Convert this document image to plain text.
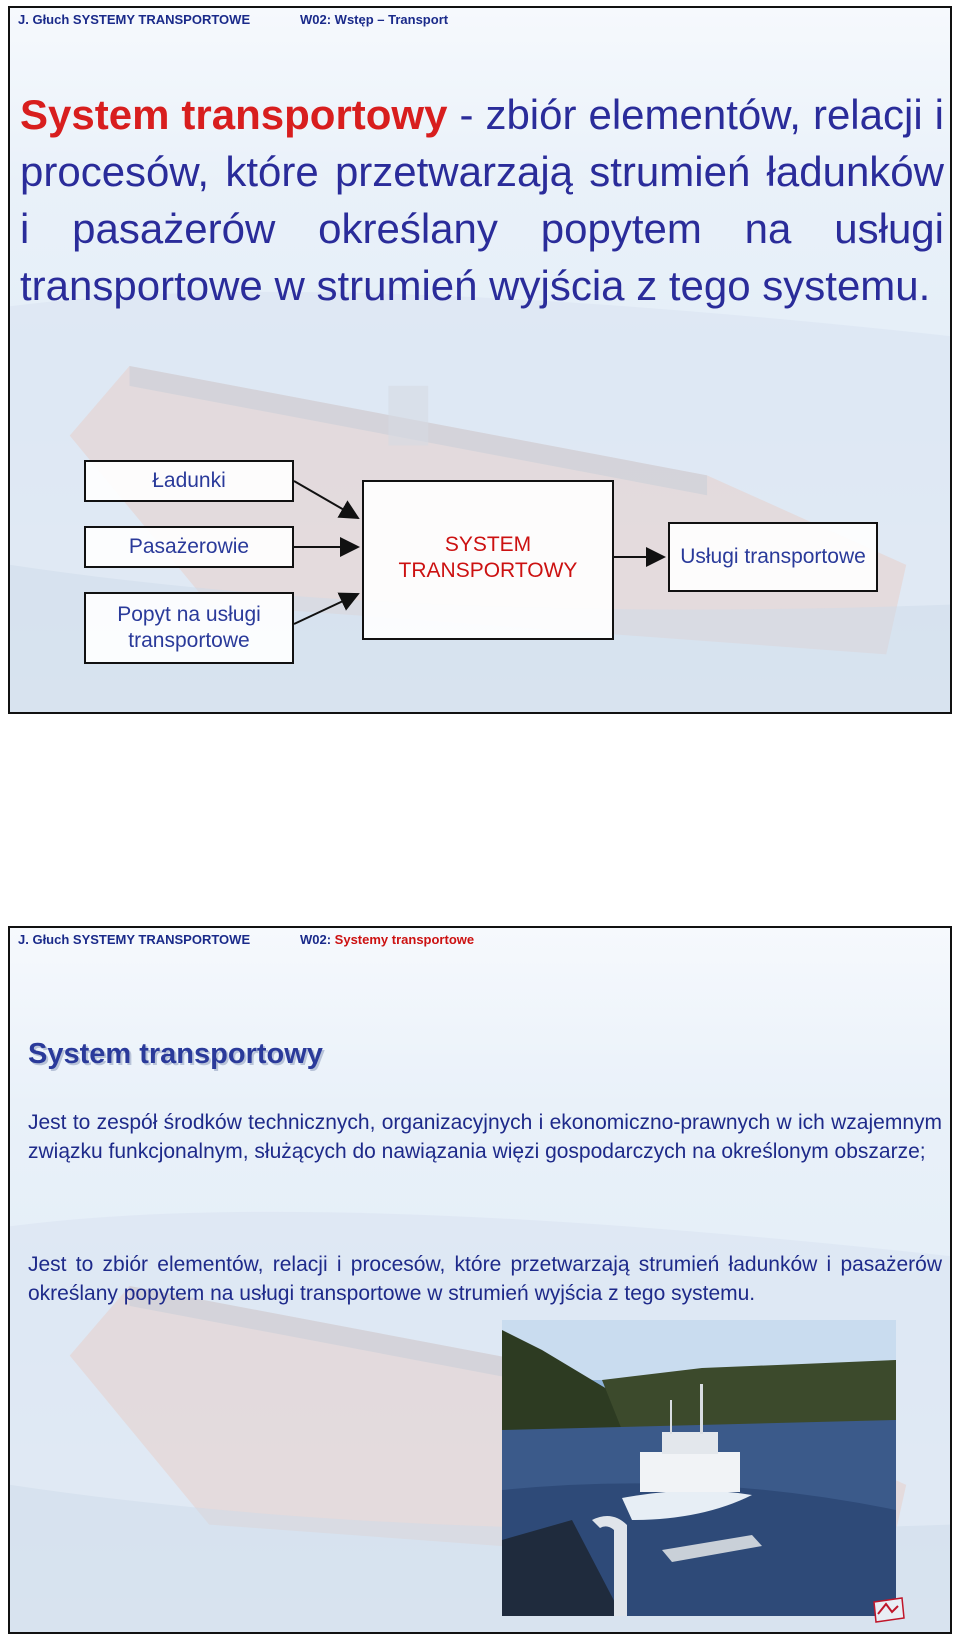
J. Głuch SYSTEMY TRANSPORTOWE	W02: Wstęp – Transport
System transportowy - zbiór elementów, relacji i procesów, które przetwarzają strumień ładunków i pasażerów określany popytem na usługi transportowe w strumień wyjścia z tego systemu.
Ładunki
Pasażerowie
Popyt na usługi transportowe
SYSTEM TRANSPORTOWY
Usługi transportowe
J. Głuch SYSTEMY TRANSPORTOWE	W02: Systemy transportowe
System transportowy
Jest to zespół środków technicznych, organizacyjnych i ekonomiczno-prawnych w ich wzajemnym związku funkcjonalnym, służących do nawiązania więzi gospodarczych na określonym obszarze;
Jest to zbiór elementów, relacji i procesów, które przetwarzają strumień ładunków i pasażerów określany popytem na usługi transportowe w strumień wyjścia z tego systemu.
